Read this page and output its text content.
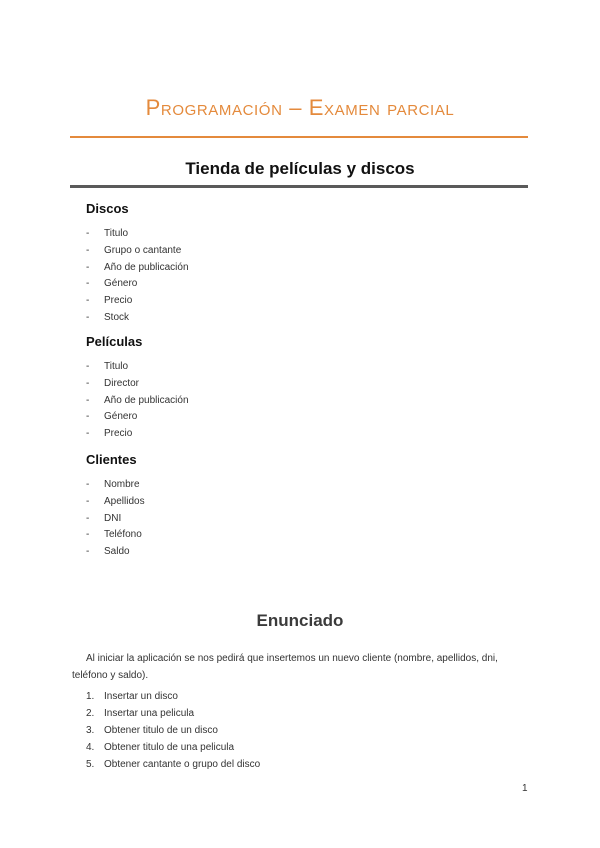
Programación – Examen parcial
Tienda de películas y discos
Discos
-	Titulo
-	Grupo o cantante
-	Año de publicación
-	Género
-	Precio
-	Stock
Películas
-	Titulo
-	Director
-	Año de publicación
-	Género
-	Precio
Clientes
-	Nombre
-	Apellidos
-	DNI
-	Teléfono
-	Saldo
Enunciado

Al iniciar la aplicación se nos pedirá que insertemos un nuevo cliente (nombre, apellidos, dni, teléfono y saldo).

1. Insertar un disco
2. Insertar una pelicula
3. Obtener titulo de un disco
4. Obtener titulo de una pelicula
5. Obtener cantante o grupo del disco
1
